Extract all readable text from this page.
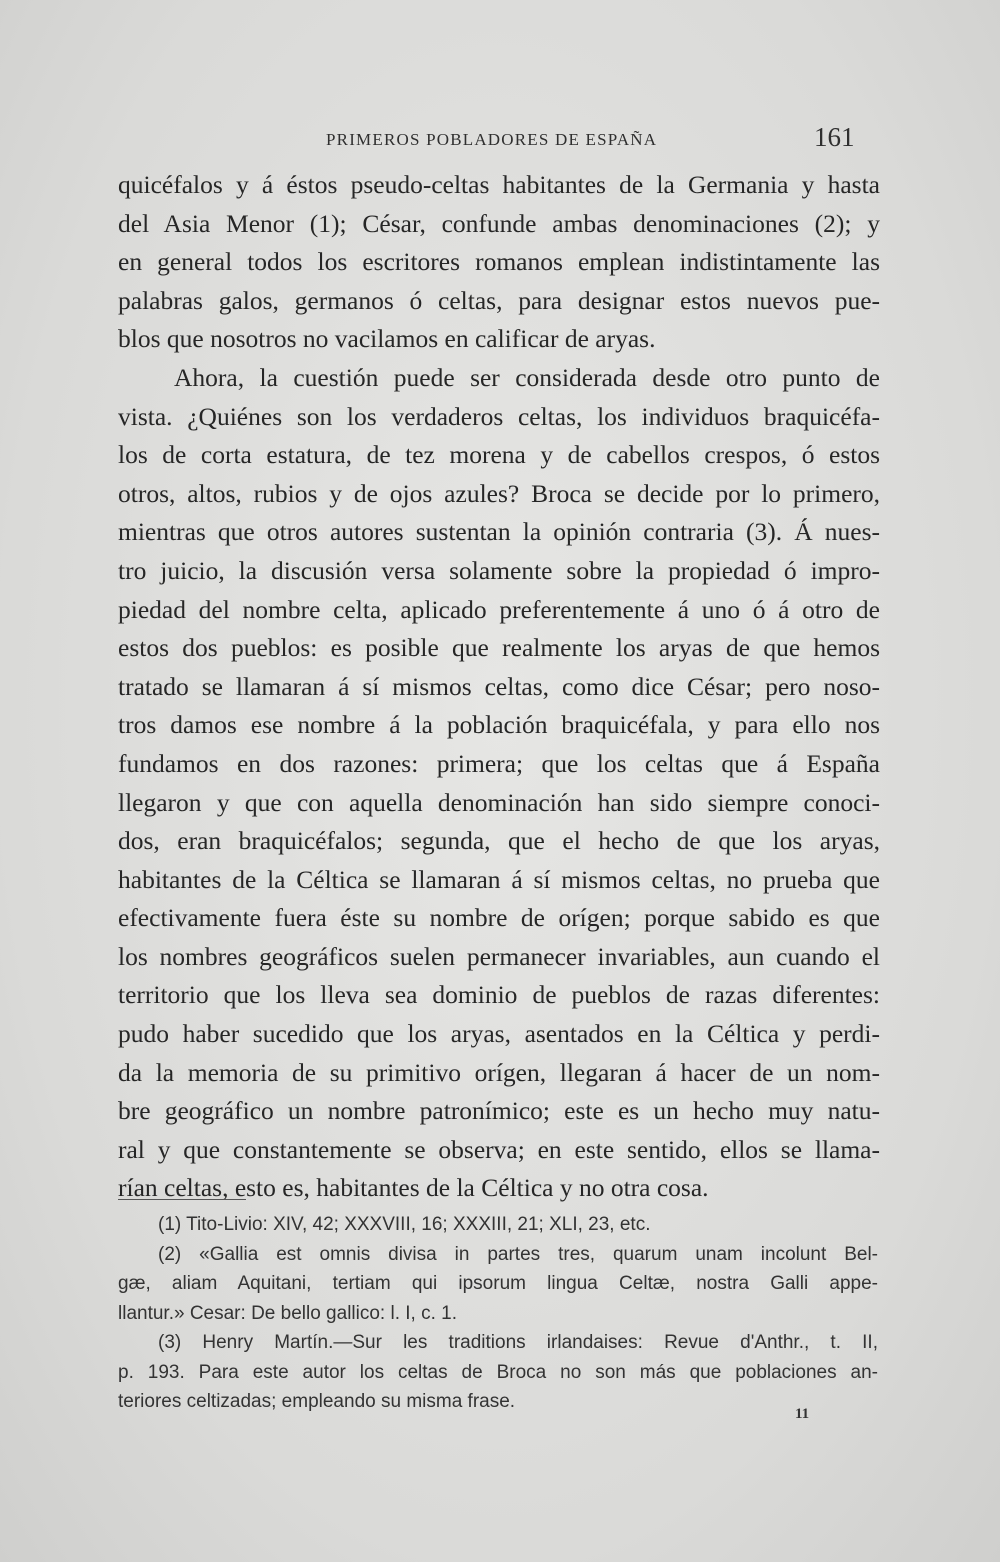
PRIMEROS POBLADORES DE ESPAÑA	161
quicéfalos y á éstos pseudo-celtas habitantes de la Germania y hasta
del Asia Menor (1); César, confunde ambas denominaciones (2); y
en general todos los escritores romanos emplean indistintamente las
palabras galos, germanos ó celtas, para designar estos nuevos pue-
blos que nosotros no vacilamos en calificar de aryas.
Ahora, la cuestión puede ser considerada desde otro punto de
vista. ¿Quiénes son los verdaderos celtas, los individuos braquicéfa-
los de corta estatura, de tez morena y de cabellos crespos, ó estos
otros, altos, rubios y de ojos azules? Broca se decide por lo primero,
mientras que otros autores sustentan la opinión contraria (3). Á nues-
tro juicio, la discusión versa solamente sobre la propiedad ó impro-
piedad del nombre celta, aplicado preferentemente á uno ó á otro de
estos dos pueblos: es posible que realmente los aryas de que hemos
tratado se llamaran á sí mismos celtas, como dice César; pero noso-
tros damos ese nombre á la población braquicéfala, y para ello nos
fundamos en dos razones: primera; que los celtas que á España
llegaron y que con aquella denominación han sido siempre conoci-
dos, eran braquicéfalos; segunda, que el hecho de que los aryas,
habitantes de la Céltica se llamaran á sí mismos celtas, no prueba que
efectivamente fuera éste su nombre de orígen; porque sabido es que
los nombres geográficos suelen permanecer invariables, aun cuando el
territorio que los lleva sea dominio de pueblos de razas diferentes:
pudo haber sucedido que los aryas, asentados en la Céltica y perdi-
da la memoria de su primitivo orígen, llegaran á hacer de un nom-
bre geográfico un nombre patronímico; este es un hecho muy natu-
ral y que constantemente se observa; en este sentido, ellos se llama-
rían celtas, esto es, habitantes de la Céltica y no otra cosa.
(1) Tito-Livio: XIV, 42; XXXVIII, 16; XXXIII, 21; XLI, 23, etc.
(2) «Gallia est omnis divisa in partes tres, quarum unam incolunt Bel-
gæ, aliam Aquitani, tertiam qui ipsorum lingua Celtæ, nostra Galli appe-
llantur.» Cesar: De bello gallico: l. I, c. 1.
(3) Henry Martín.—Sur les traditions irlandaises: Revue d'Anthr., t. II,
p. 193. Para este autor los celtas de Broca no son más que poblaciones an-
teriores celtizadas; empleando su misma frase.
11
